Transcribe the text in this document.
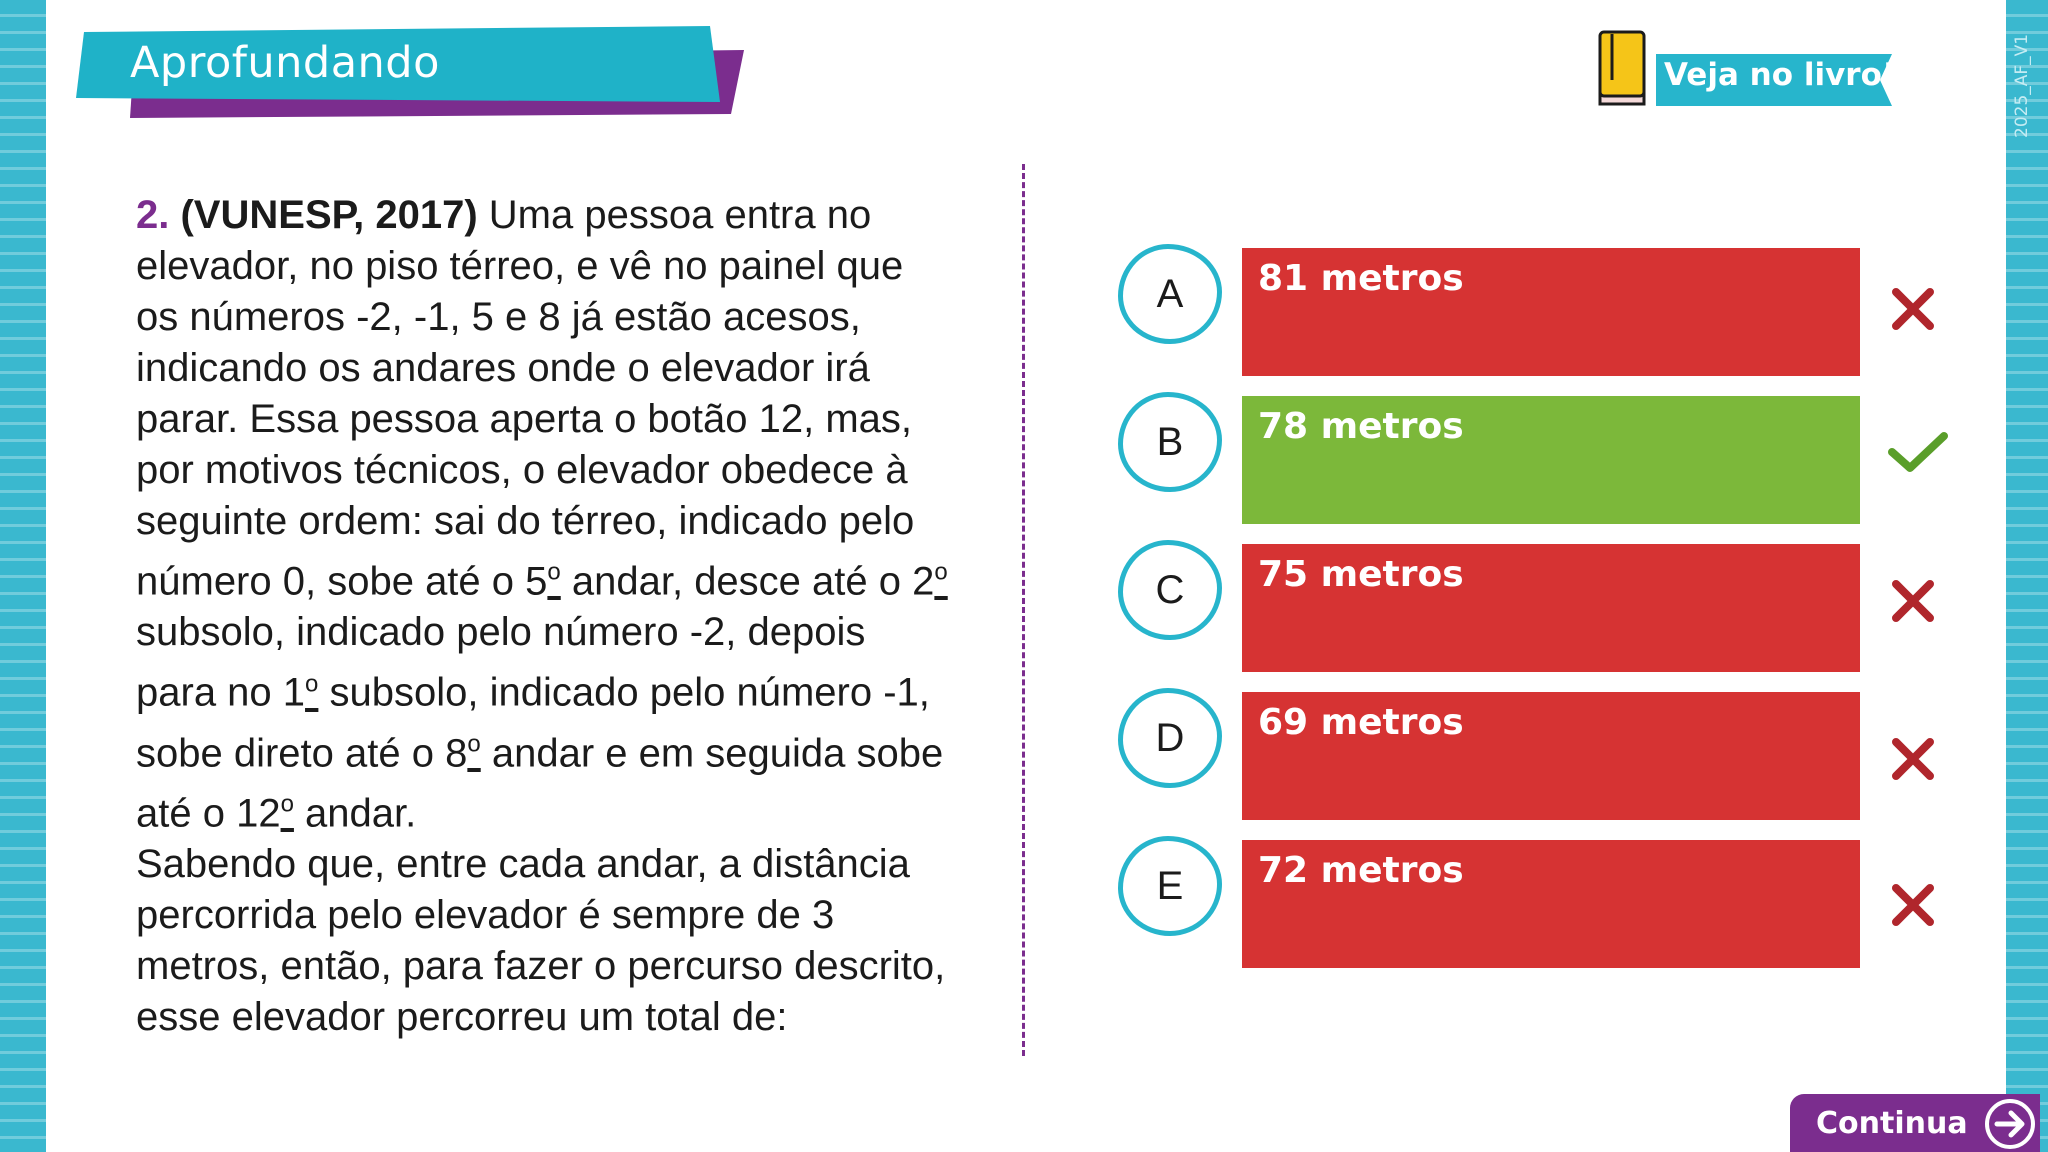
Aprofundando	Veja no livro!	2025_AF_V1

2. (VUNESP, 2017) Uma pessoa entra no elevador, no piso térreo, e vê no painel que os números -2, -1, 5 e 8 já estão acesos, indicando os andares onde o elevador irá parar. Essa pessoa aperta o botão 12, mas, por motivos técnicos, o elevador obedece à seguinte ordem: sai do térreo, indicado pelo número 0, sobe até o 5$^o$ andar, desce até o 2$^o$ subsolo, indicado pelo número -2, depois para no 1$^o$ subsolo, indicado pelo número -1, sobe direto até o 8$^o$ andar e em seguida sobe até o 12$^o$ andar.

Sabendo que, entre cada andar, a distância percorrida pelo elevador é sempre de 3 metros, então, para fazer o percurso descrito, esse elevador percorreu um total de:

A	81 metros
B	78 metros
C	75 metros
D	69 metros
E	72 metros
Continua
